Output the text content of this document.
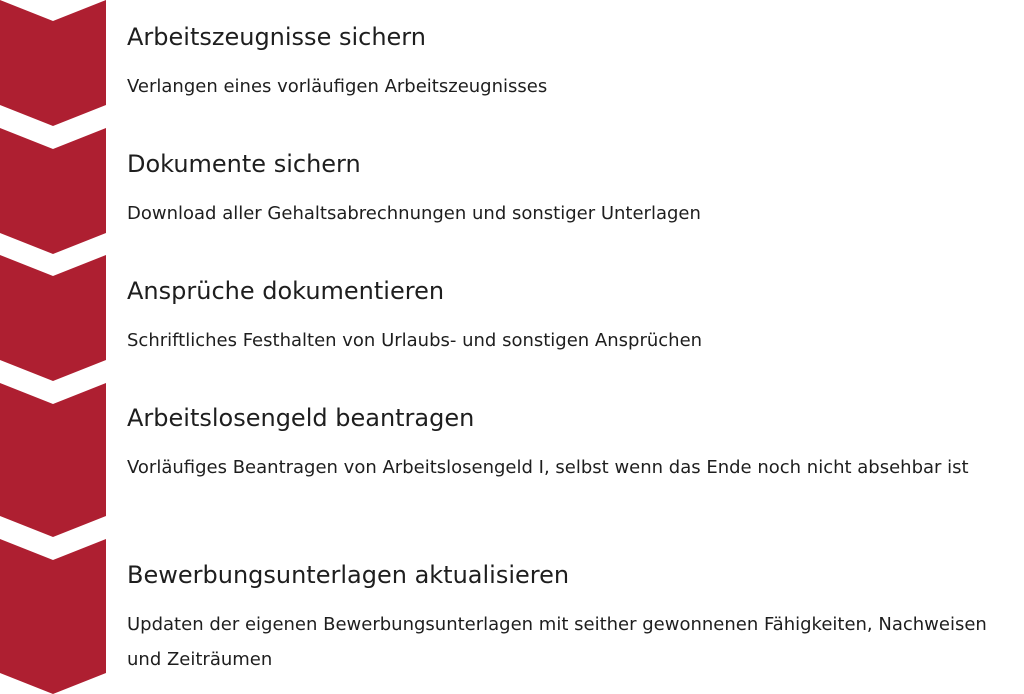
Arbeitszeugnisse sichern

Verlangen eines vorläufigen Arbeitszeugnisses

Dokumente sichern

Download aller Gehaltsabrechnungen und sonstiger Unterlagen

Ansprüche dokumentieren

Schriftliches Festhalten von Urlaubs- und sonstigen Ansprüchen

Arbeitslosengeld beantragen

Vorläufiges Beantragen von Arbeitslosengeld I, selbst wenn das Ende noch nicht absehbar ist

Bewerbungsunterlagen aktualisieren

Updaten der eigenen Bewerbungsunterlagen mit seither gewonnenen Fähigkeiten, Nachweisen und Zeiträumen
